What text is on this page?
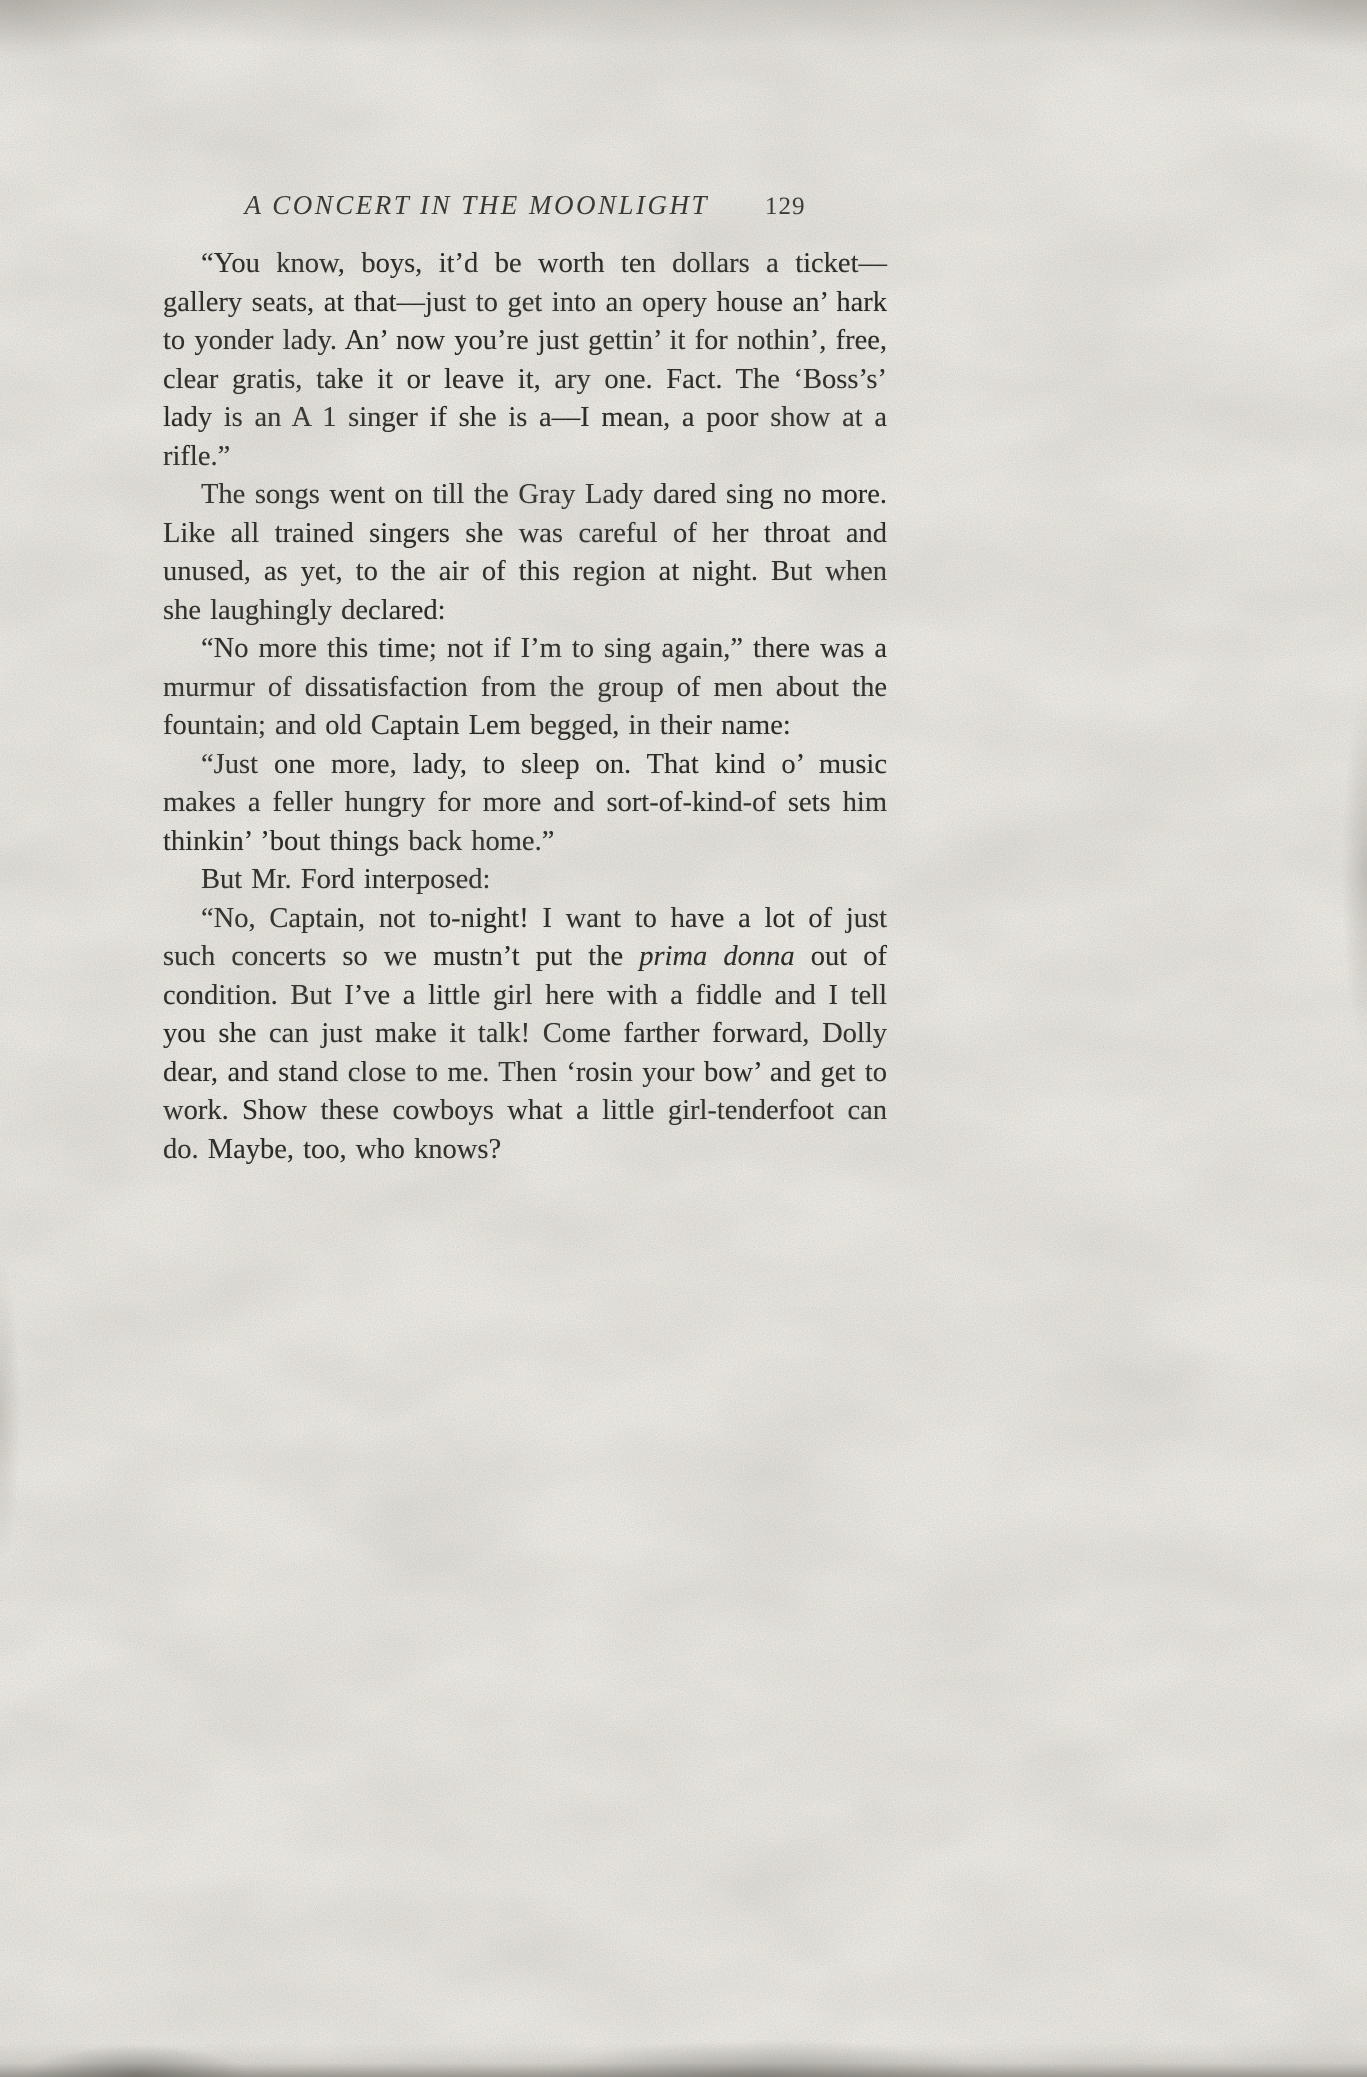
A CONCERT IN THE MOONLIGHT 129

“You know, boys, it’d be worth ten dollars a ticket—gallery seats, at that—just to get into an opery house an’ hark to yonder lady. An’ now you’re just gettin’ it for nothin’, free, clear gratis, take it or leave it, ary one. Fact. The ‘Boss’s’ lady is an A 1 singer if she is a—I mean, a poor show at a rifle.”

The songs went on till the Gray Lady dared sing no more. Like all trained singers she was careful of her throat and unused, as yet, to the air of this region at night. But when she laughingly declared:

“No more this time; not if I’m to sing again,” there was a murmur of dissatisfaction from the group of men about the fountain; and old Captain Lem begged, in their name:

“Just one more, lady, to sleep on. That kind o’ music makes a feller hungry for more and sort-of-kind-of sets him thinkin’ ’bout things back home.”

But Mr. Ford interposed:

“No, Captain, not to-night! I want to have a lot of just such concerts so we mustn’t put the prima donna out of condition. But I’ve a little girl here with a fiddle and I tell you she can just make it talk! Come farther forward, Dolly dear, and stand close to me. Then ‘rosin your bow’ and get to work. Show these cowboys what a little girl-tenderfoot can do. Maybe, too, who knows?
